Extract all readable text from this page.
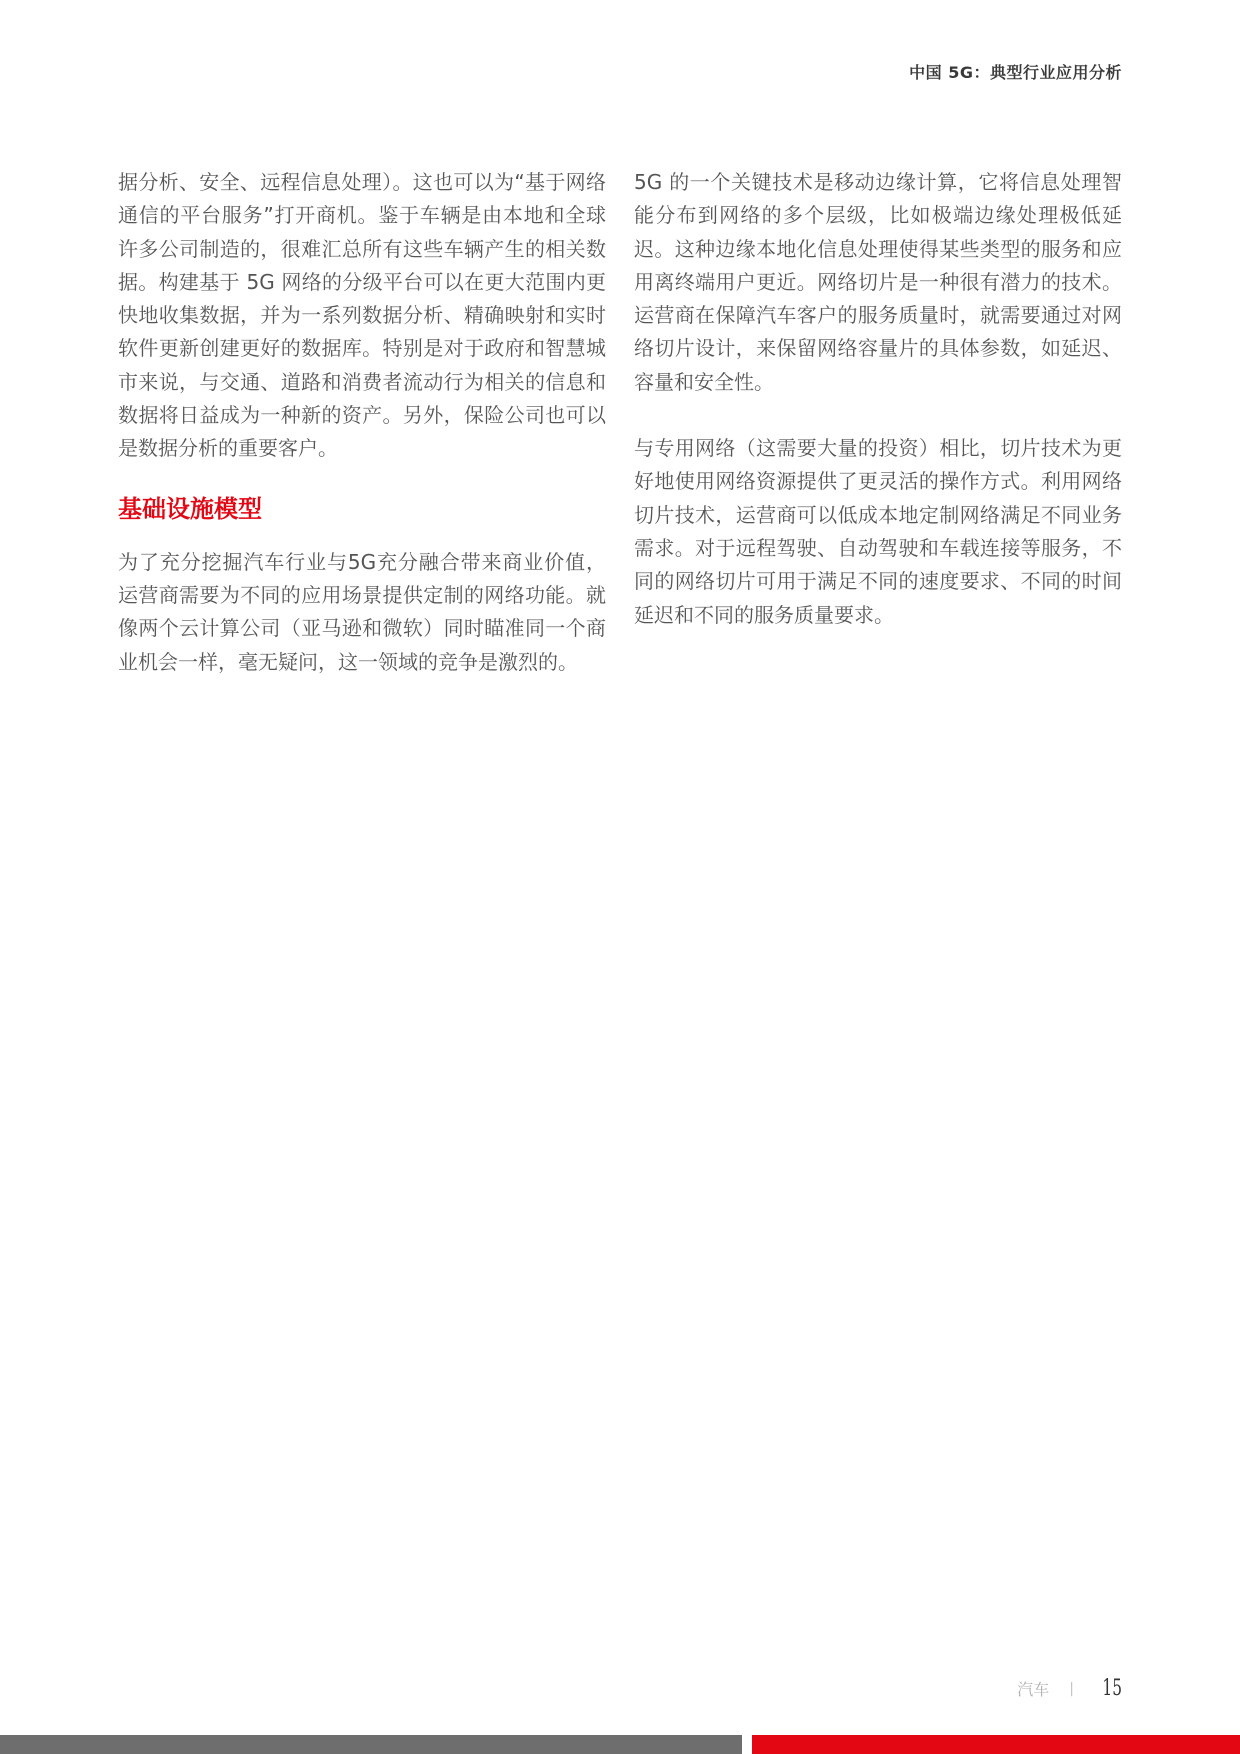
中国 5G：典型行业应用分析

据分析、安全、远程信息处理）。这也可以为“基于网络通信的平台服务”打开商机。鉴于车辆是由本地和全球许多公司制造的，很难汇总所有这些车辆产生的相关数据。构建基于 5G 网络的分级平台可以在更大范围内更快地收集数据，并为一系列数据分析、精确映射和实时软件更新创建更好的数据库。特别是对于政府和智慧城市来说，与交通、道路和消费者流动行为相关的信息和数据将日益成为一种新的资产。另外，保险公司也可以是数据分析的重要客户。

基础设施模型

为了充分挖掘汽车行业与5G充分融合带来商业价值，运营商需要为不同的应用场景提供定制的网络功能。就像两个云计算公司（亚马逊和微软）同时瞄准同一个商业机会一样，毫无疑问，这一领域的竞争是激烈的。

5G 的一个关键技术是移动边缘计算，它将信息处理智能分布到网络的多个层级，比如极端边缘处理极低延迟。这种边缘本地化信息处理使得某些类型的服务和应用离终端用户更近。网络切片是一种很有潜力的技术。运营商在保障汽车客户的服务质量时，就需要通过对网络切片设计，来保留网络容量片的具体参数，如延迟、容量和安全性。

与专用网络（这需要大量的投资）相比，切片技术为更好地使用网络资源提供了更灵活的操作方式。利用网络切片技术，运营商可以低成本地定制网络满足不同业务需求。对于远程驾驶、自动驾驶和车载连接等服务，不同的网络切片可用于满足不同的速度要求、不同的时间延迟和不同的服务质量要求。

汽车 | 15
